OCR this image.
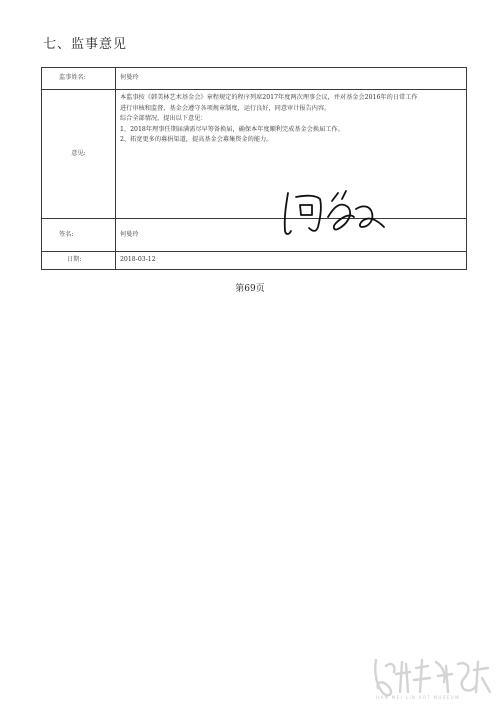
七、监事意见
监事姓名:	何曼玲
意见:	本监事按《韩美林艺术基金会》章程规定的程序列席2017年度两次理事会议，并对基金会2016年的日常工作

进行审核和监督，基金会遵守各项规章制度，运行良好，同意审计报告内容。

综合全部情况，提出以下意见：

1、2018年理事任期届满需尽早筹备换届，确保本年度顺利完成基金会换届工作。

2、拓宽更多的募捐渠道，提高基金会募集资金的能力。

签名:	何曼玲

日期:	2018-03-12
第69页
HAN MEI LIN ART MUSEUM
